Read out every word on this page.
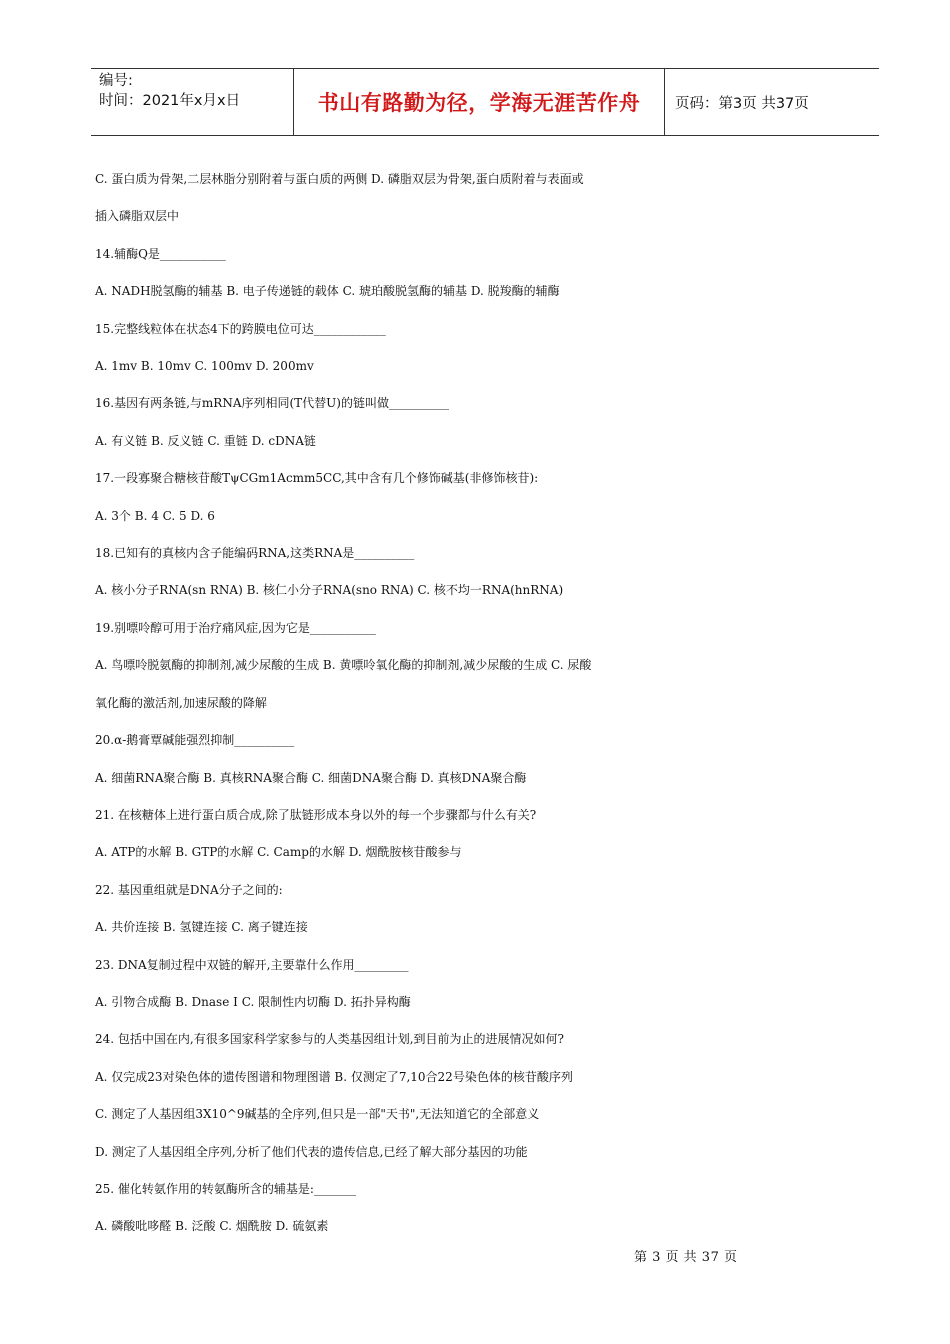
编号:
时间：2021年x月x日	书山有路勤为径，学海无涯苦作舟	页码：第3页 共37页
C. 蛋白质为骨架,二层林脂分别附着与蛋白质的两侧 D. 磷脂双层为骨架,蛋白质附着与表面或
插入磷脂双层中
14.辅酶Q是___________
A. NADH脱氢酶的辅基 B. 电子传递链的载体 C. 琥珀酸脱氢酶的辅基 D. 脱羧酶的辅酶
15.完整线粒体在状态4下的跨膜电位可达____________
A. 1mv B. 10mv C. 100mv D. 200mv
16.基因有两条链,与mRNA序列相同(T代替U)的链叫做__________
A. 有义链 B. 反义链 C. 重链 D. cDNA链
17.一段寡聚合糖核苷酸TψCGm1Acmm5CC,其中含有几个修饰碱基(非修饰核苷):
A. 3个 B. 4 C. 5 D. 6
18.已知有的真核内含子能编码RNA,这类RNA是__________
A. 核小分子RNA(sn RNA) B. 核仁小分子RNA(sno RNA) C. 核不均一RNA(hnRNA)
19.别嘌呤醇可用于治疗痛风症,因为它是___________
A. 鸟嘌呤脱氨酶的抑制剂,减少尿酸的生成 B. 黄嘌呤氧化酶的抑制剂,减少尿酸的生成 C. 尿酸
氧化酶的激活剂,加速尿酸的降解
20.α-鹅膏覃碱能强烈抑制__________
A. 细菌RNA聚合酶 B. 真核RNA聚合酶 C. 细菌DNA聚合酶 D. 真核DNA聚合酶
21. 在核糖体上进行蛋白质合成,除了肽链形成本身以外的每一个步骤都与什么有关?
A. ATP的水解 B. GTP的水解 C. Camp的水解 D. 烟酰胺核苷酸参与
22. 基因重组就是DNA分子之间的:
A. 共价连接 B. 氢键连接 C. 离子键连接
23. DNA复制过程中双链的解开,主要靠什么作用_________
A. 引物合成酶 B. Dnase I C. 限制性内切酶 D. 拓扑异构酶
24. 包括中国在内,有很多国家科学家参与的人类基因组计划,到目前为止的进展情况如何?
A. 仅完成23对染色体的遗传图谱和物理图谱 B. 仅测定了7,10合22号染色体的核苷酸序列
C. 测定了人基因组3X10^9碱基的全序列,但只是一部"天书",无法知道它的全部意义
D. 测定了人基因组全序列,分析了他们代表的遗传信息,已经了解大部分基因的功能
25. 催化转氨作用的转氨酶所含的辅基是:_______
A. 磷酸吡哆醛 B. 泛酸 C. 烟酰胺 D. 硫氨素
第 3 页 共 37 页
